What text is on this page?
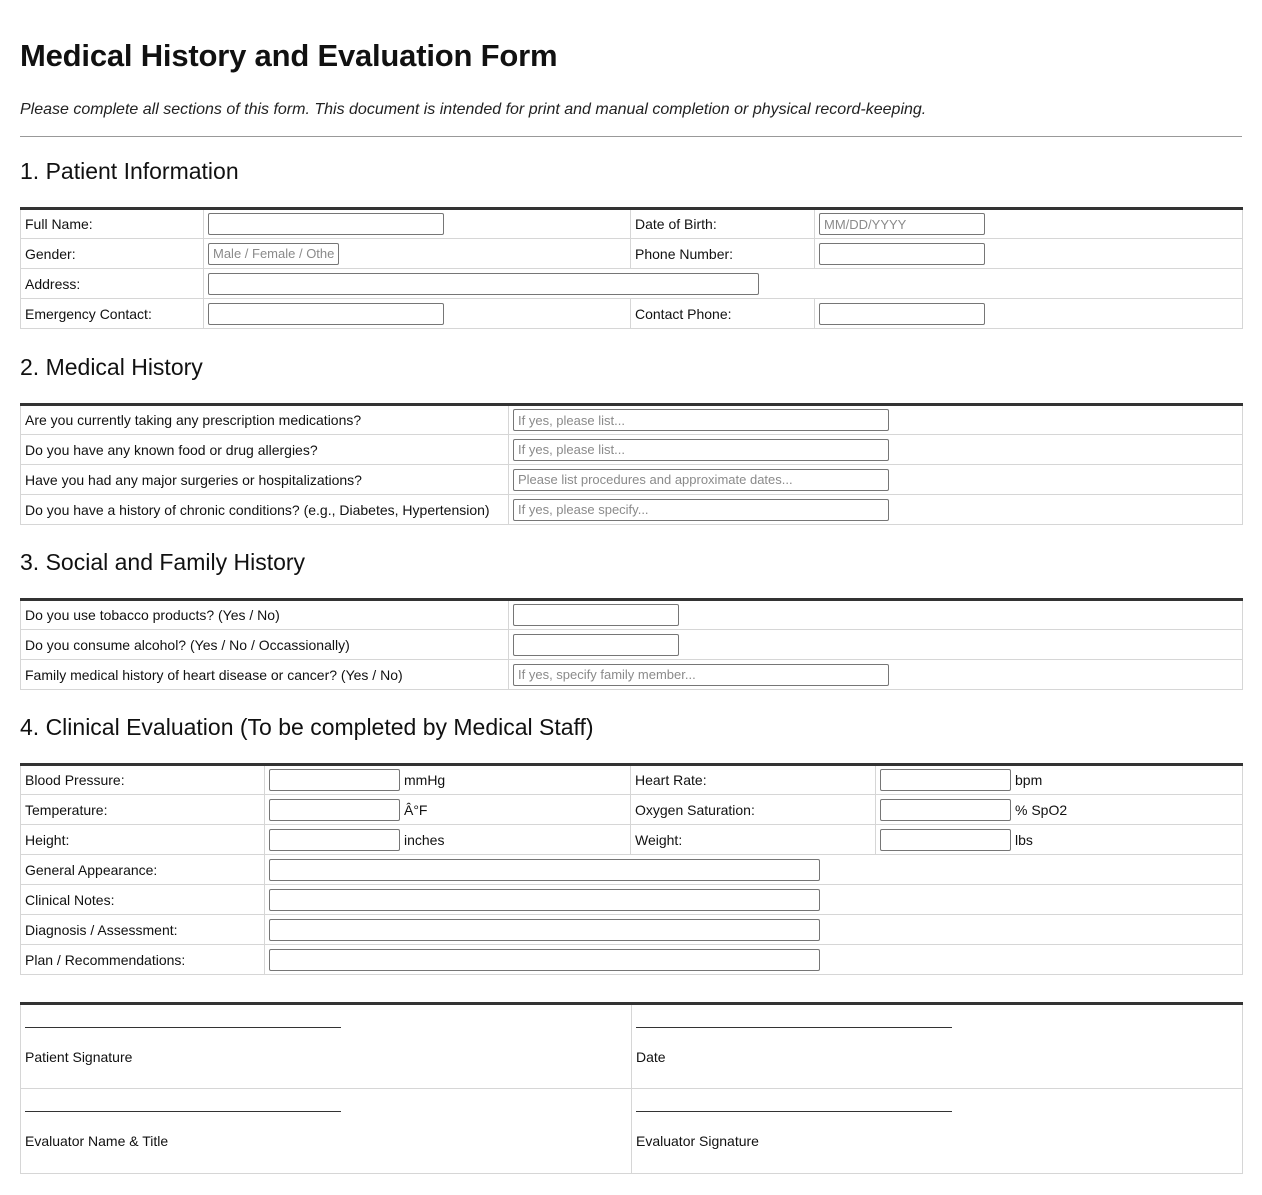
Medical History and Evaluation Form

Please complete all sections of this form. This document is intended for print and manual completion or physical record-keeping.

1. Patient Information
Full Name:		Date of Birth:	MM/DD/YYYY
Gender:	Male / Female / Other	Phone Number:	
Address:	
Emergency Contact:		Contact Phone:	
2. Medical History
Are you currently taking any prescription medications?	If yes, please list...
Do you have any known food or drug allergies?	If yes, please list...
Have you had any major surgeries or hospitalizations?	Please list procedures and approximate dates...
Do you have a history of chronic conditions? (e.g., Diabetes, Hypertension)	If yes, please specify...
3. Social and Family History
Do you use tobacco products? (Yes / No)	
Do you consume alcohol? (Yes / No / Occassionally)	
Family medical history of heart disease or cancer? (Yes / No)	If yes, specify family member...
4. Clinical Evaluation (To be completed by Medical Staff)
Blood Pressure:	mmHg	Heart Rate:	bpm
Temperature:	Â°F	Oxygen Saturation:	% SpO2
Height:	inches	Weight:	lbs
General Appearance:	
Clinical Notes:	
Diagnosis / Assessment:	
Plan / Recommendations:	
Patient Signature	Date

Evaluator Name & Title	Evaluator Signature
